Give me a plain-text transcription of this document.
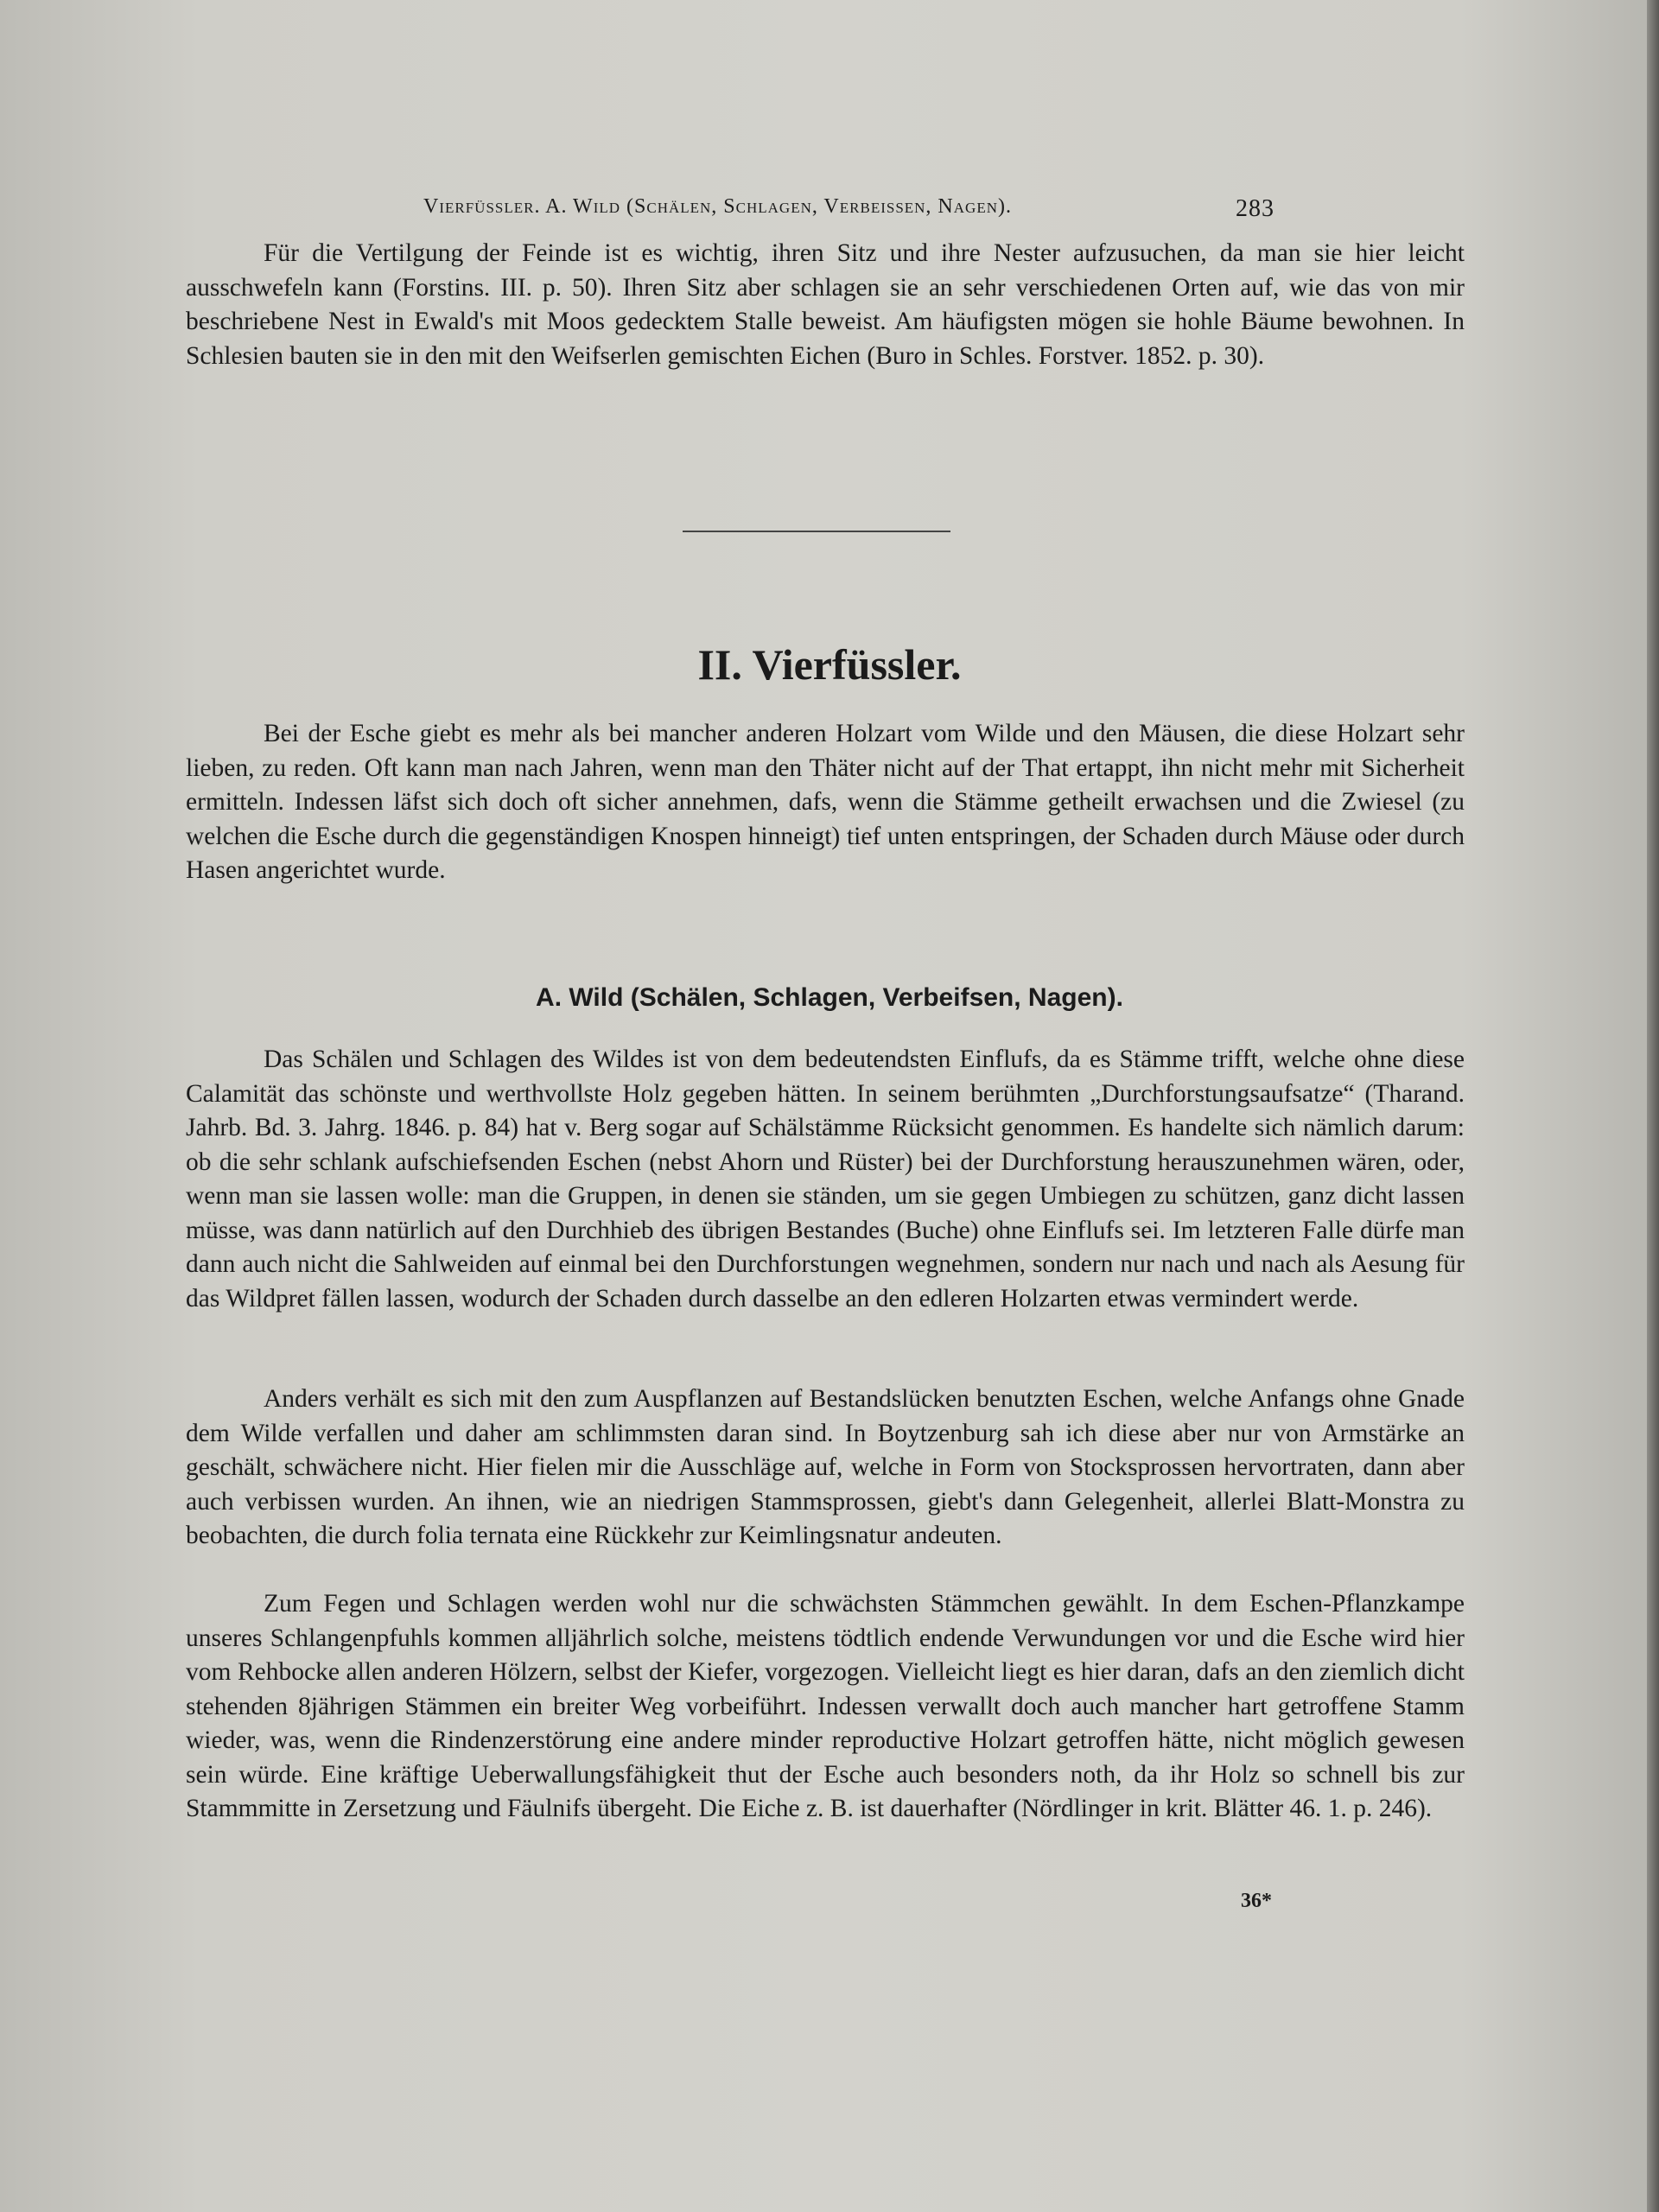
Vierfüssler. A. Wild (Schälen, Schlagen, Verbeissen, Nagen).	283

Für die Vertilgung der Feinde ist es wichtig, ihren Sitz und ihre Nester aufzusuchen, da man sie hier leicht ausschwefeln kann (Forstins. III. p. 50). Ihren Sitz aber schlagen sie an sehr verschiedenen Orten auf, wie das von mir beschriebene Nest in Ewald's mit Moos gedecktem Stalle beweist. Am häufigsten mögen sie hohle Bäume bewohnen. In Schlesien bauten sie in den mit den Weifserlen gemischten Eichen (Buro in Schles. Forstver. 1852. p. 30).

II. Vierfüssler.

Bei der Esche giebt es mehr als bei mancher anderen Holzart vom Wilde und den Mäusen, die diese Holzart sehr lieben, zu reden. Oft kann man nach Jahren, wenn man den Thäter nicht auf der That ertappt, ihn nicht mehr mit Sicherheit ermitteln. Indessen läfst sich doch oft sicher annehmen, dafs, wenn die Stämme getheilt erwachsen und die Zwiesel (zu welchen die Esche durch die gegenständigen Knospen hinneigt) tief unten entspringen, der Schaden durch Mäuse oder durch Hasen angerichtet wurde.

A. Wild (Schälen, Schlagen, Verbeifsen, Nagen).

Das Schälen und Schlagen des Wildes ist von dem bedeutendsten Einflufs, da es Stämme trifft, welche ohne diese Calamität das schönste und werthvollste Holz gegeben hätten. In seinem berühmten „Durchforstungsaufsatze“ (Tharand. Jahrb. Bd. 3. Jahrg. 1846. p. 84) hat v. Berg sogar auf Schälstämme Rücksicht genommen. Es handelte sich nämlich darum: ob die sehr schlank aufschiefsenden Eschen (nebst Ahorn und Rüster) bei der Durchforstung herauszunehmen wären, oder, wenn man sie lassen wolle: man die Gruppen, in denen sie ständen, um sie gegen Umbiegen zu schützen, ganz dicht lassen müsse, was dann natürlich auf den Durchhieb des übrigen Bestandes (Buche) ohne Einflufs sei. Im letzteren Falle dürfe man dann auch nicht die Sahlweiden auf einmal bei den Durchforstungen wegnehmen, sondern nur nach und nach als Aesung für das Wildpret fällen lassen, wodurch der Schaden durch dasselbe an den edleren Holzarten etwas vermindert werde.

Anders verhält es sich mit den zum Auspflanzen auf Bestandslücken benutzten Eschen, welche Anfangs ohne Gnade dem Wilde verfallen und daher am schlimmsten daran sind. In Boytzenburg sah ich diese aber nur von Armstärke an geschält, schwächere nicht. Hier fielen mir die Ausschläge auf, welche in Form von Stocksprossen hervortraten, dann aber auch verbissen wurden. An ihnen, wie an niedrigen Stammsprossen, giebt's dann Gelegenheit, allerlei Blatt-Monstra zu beobachten, die durch folia ternata eine Rückkehr zur Keimlingsnatur andeuten.

Zum Fegen und Schlagen werden wohl nur die schwächsten Stämmchen gewählt. In dem Eschen-Pflanzkampe unseres Schlangenpfuhls kommen alljährlich solche, meistens tödtlich endende Verwundungen vor und die Esche wird hier vom Rehbocke allen anderen Hölzern, selbst der Kiefer, vorgezogen. Vielleicht liegt es hier daran, dafs an den ziemlich dicht stehenden 8jährigen Stämmen ein breiter Weg vorbeiführt. Indessen verwallt doch auch mancher hart getroffene Stamm wieder, was, wenn die Rindenzerstörung eine andere minder reproductive Holzart getroffen hätte, nicht möglich gewesen sein würde. Eine kräftige Ueberwallungsfähigkeit thut der Esche auch besonders noth, da ihr Holz so schnell bis zur Stammmitte in Zersetzung und Fäulnifs übergeht. Die Eiche z. B. ist dauerhafter (Nördlinger in krit. Blätter 46. 1. p. 246).

36*
